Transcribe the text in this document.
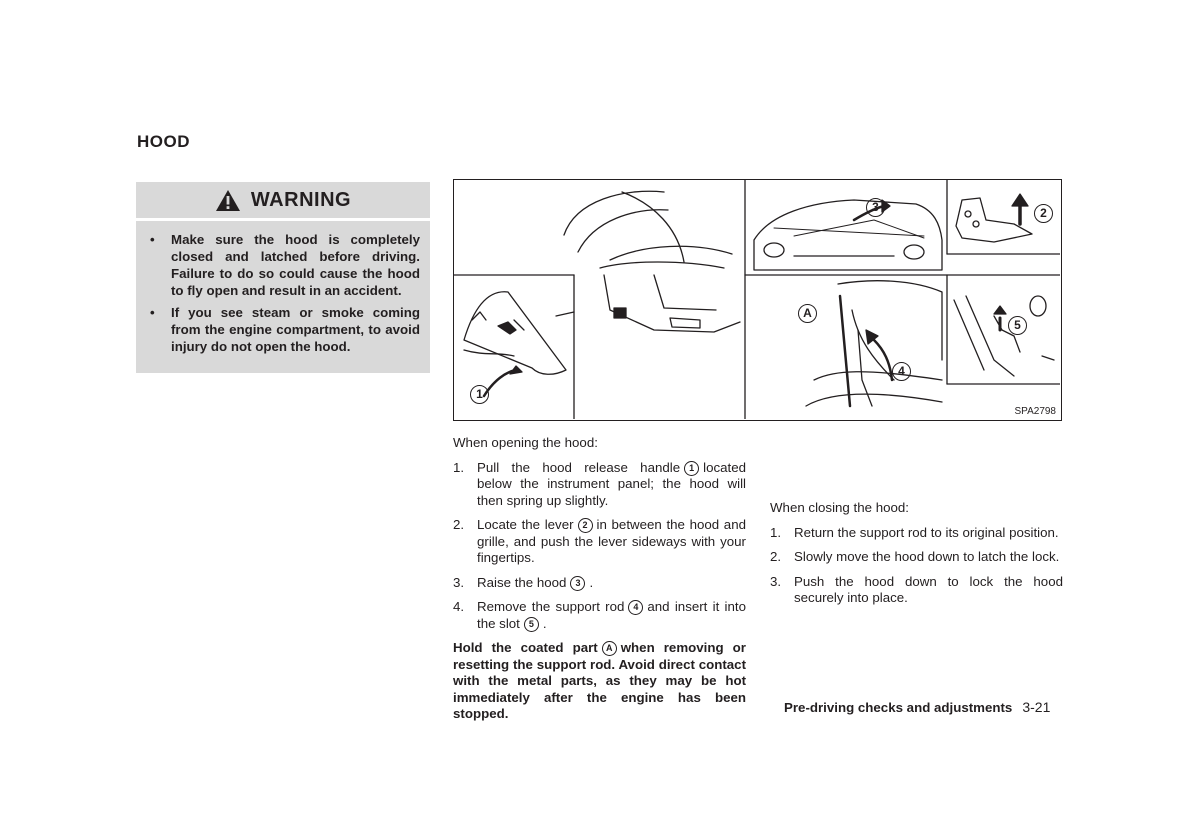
HOOD
WARNING
• Make sure the hood is completely closed and latched before driving. Failure to do so could cause the hood to fly open and result in an accident.
• If you see steam or smoke coming from the engine compartment, to avoid injury do not open the hood.
1
2
3
4
5
A
SPA2798

When opening the hood:

1. Pull the hood release handle 1 located below the instrument panel; the hood will then spring up slightly.
2. Locate the lever 2 in between the hood and grille, and push the lever sideways with your fingertips.
3. Raise the hood 3 .
4. Remove the support rod 4 and insert it into the slot 5 .

Hold the coated part A when removing or resetting the support rod. Avoid direct contact with the metal parts, as they may be hot immediately after the engine has been stopped.

When closing the hood:

1. Return the support rod to its original position.
2. Slowly move the hood down to latch the lock.
3. Push the hood down to lock the hood securely into place.
Pre-driving checks and adjustments 3-21
